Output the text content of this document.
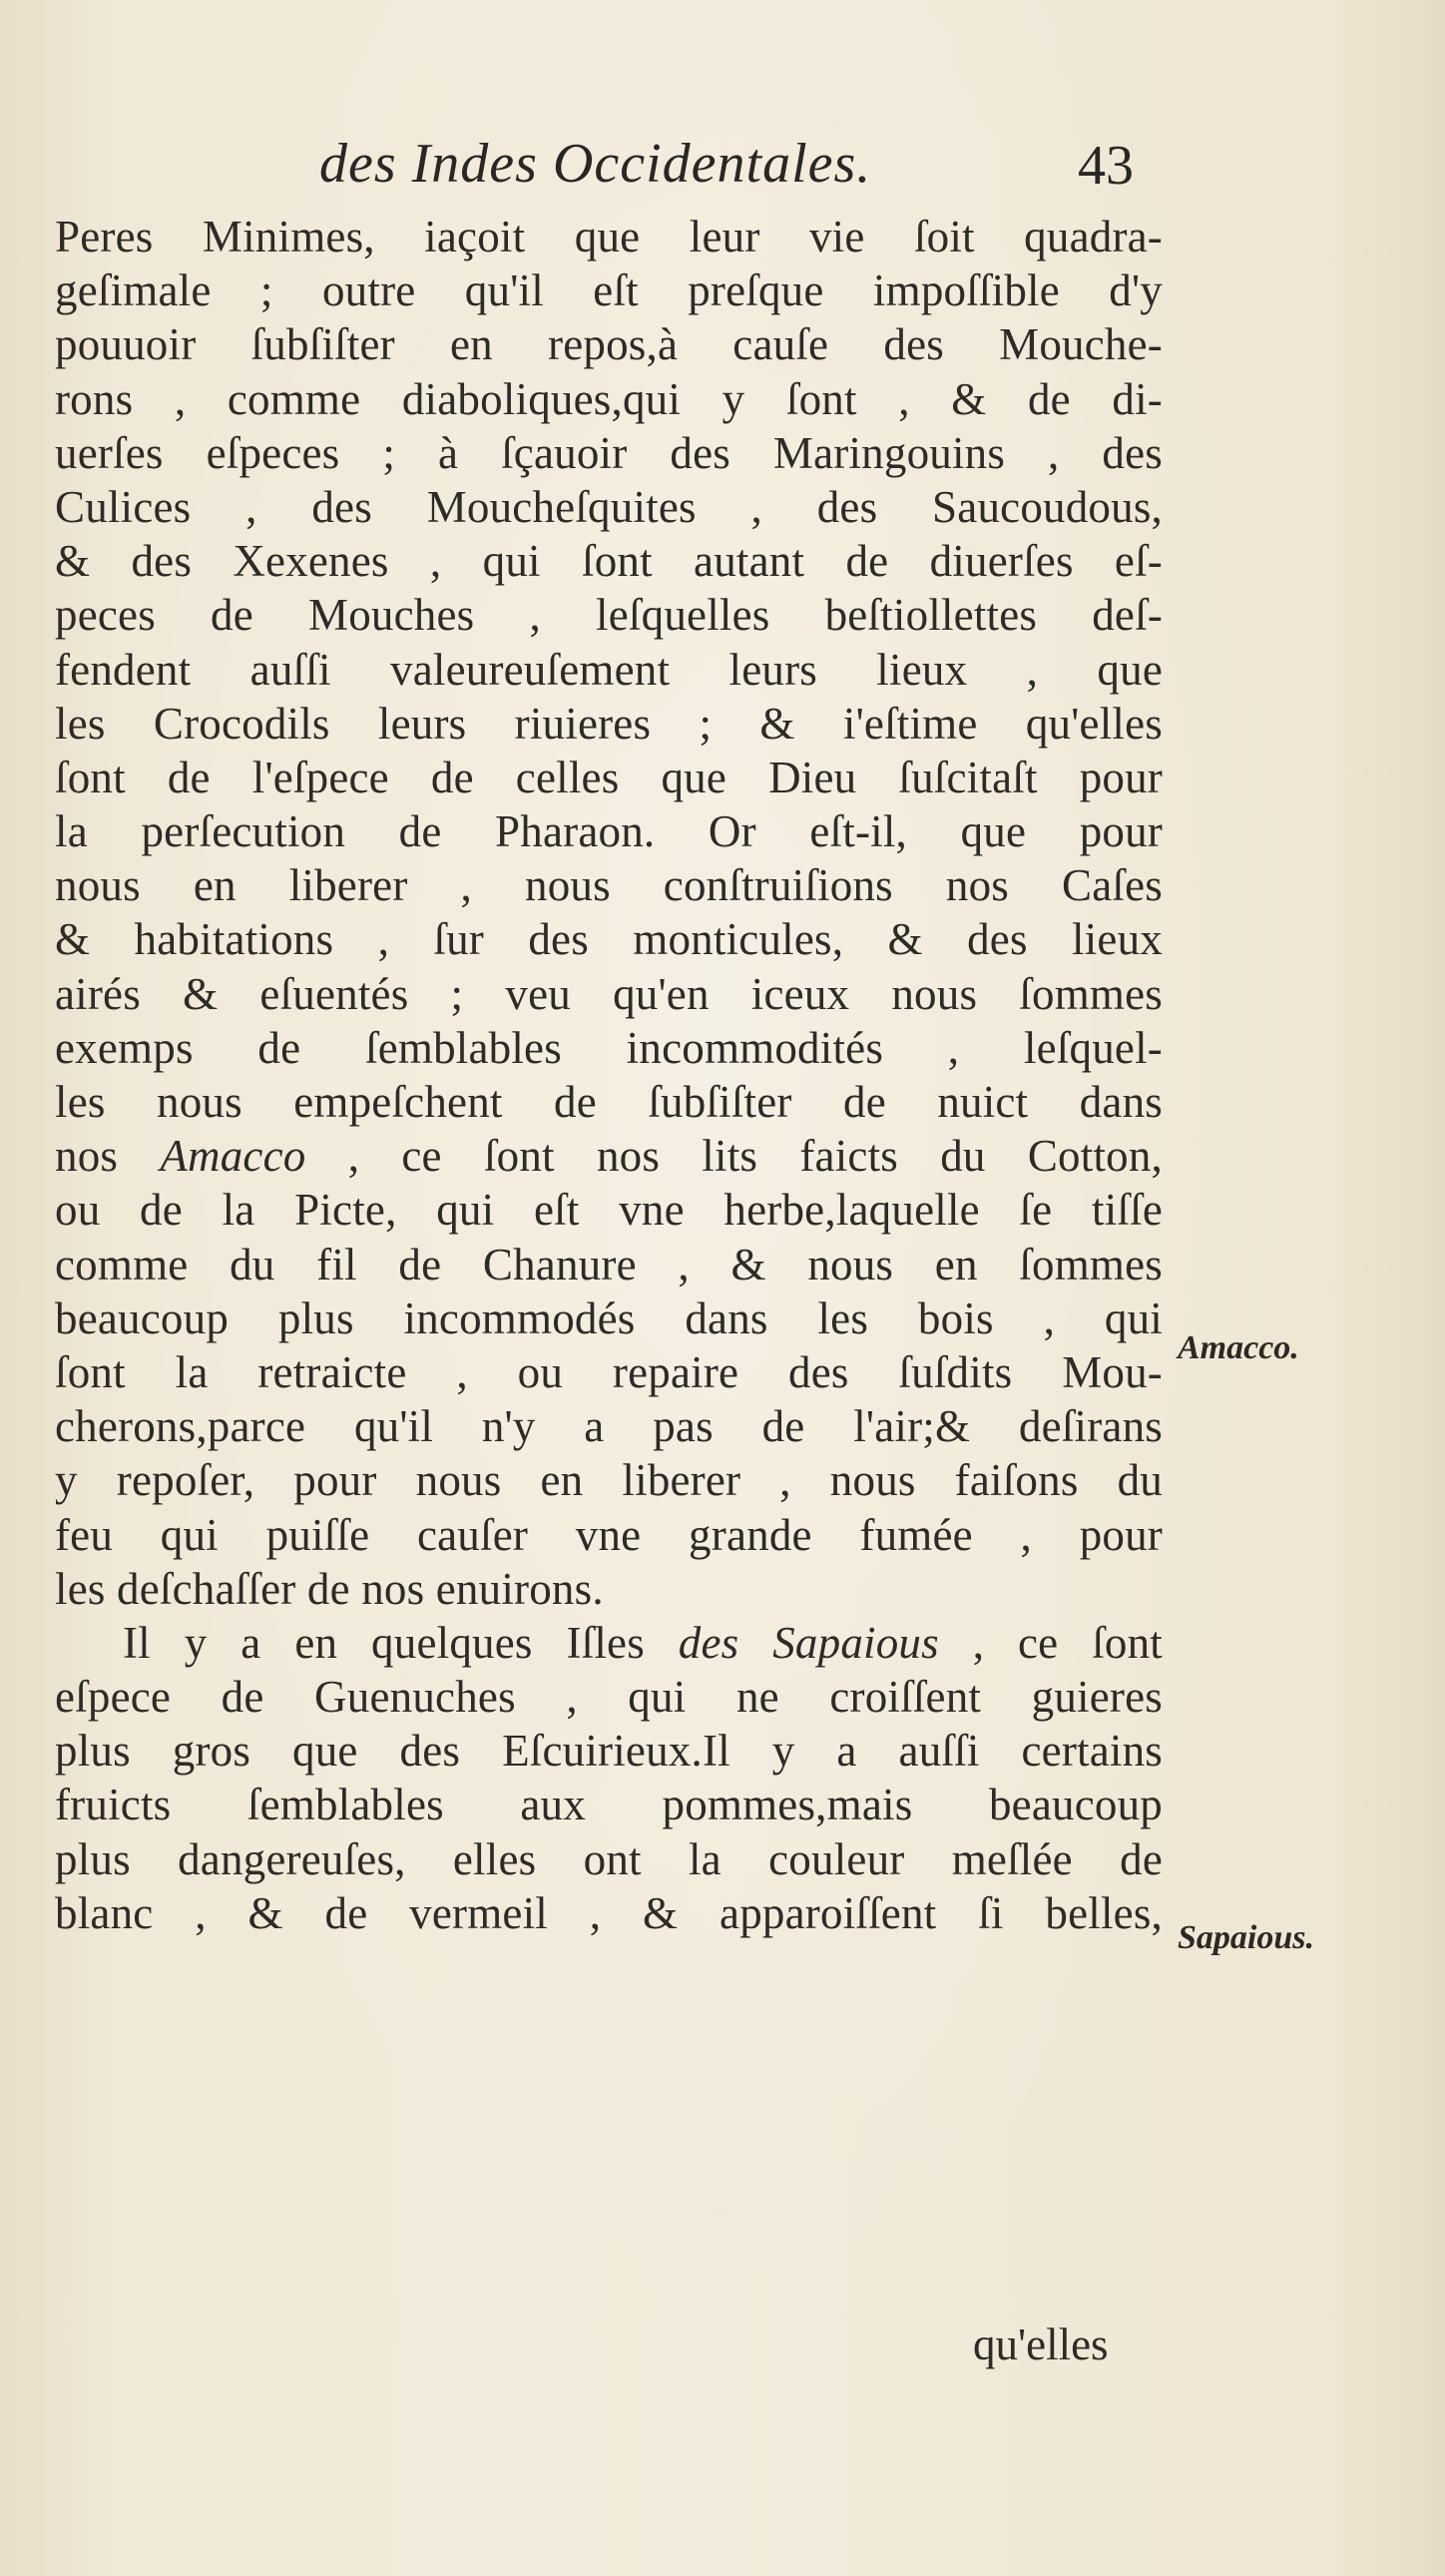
des Indes Occidentales.	43
Peres Minimes, iaçoit que leur vie ſoit quadra-
geſimale ; outre qu'il eſt preſque impoſſible d'y
pouuoir ſubſiſter en repos,à cauſe des Mouche-
rons , comme diaboliques,qui y ſont , & de di-
uerſes eſpeces ; à ſçauoir des Maringouins , des
Culices , des Moucheſquites , des Saucoudous,
& des Xexenes , qui ſont autant de diuerſes eſ-
peces de Mouches , leſquelles beſtiollettes deſ-
fendent auſſi valeureuſement leurs lieux , que
les Crocodils leurs riuieres ; & i'eſtime qu'elles
ſont de l'eſpece de celles que Dieu ſuſcitaſt pour
la perſecution de Pharaon. Or eſt-il, que pour
nous en liberer , nous conſtruiſions nos Caſes
& habitations , ſur des monticules, & des lieux
airés & eſuentés ; veu qu'en iceux nous ſommes
exemps de ſemblables incommodités , leſquel-
les nous empeſchent de ſubſiſter de nuict dans
nos Amacco , ce ſont nos lits faicts du Cotton,
ou de la Picte, qui eſt vne herbe,laquelle ſe tiſſe
comme du fil de Chanure , & nous en ſommes
beaucoup plus incommodés dans les bois , qui
ſont la retraicte , ou repaire des ſuſdits Mou-
cherons,parce qu'il n'y a pas de l'air;& deſirans
y repoſer, pour nous en liberer , nous faiſons du
feu qui puiſſe cauſer vne grande fumée , pour
les deſchaſſer de nos enuirons.
Il y a en quelques Iſles des Sapaious , ce ſont
eſpece de Guenuches , qui ne croiſſent guieres
plus gros que des Eſcuirieux.Il y a auſſi certains
fruicts ſemblables aux pommes,mais beaucoup
plus dangereuſes, elles ont la couleur meſlée de
blanc , & de vermeil , & apparoiſſent ſi belles,
qu'elles
Amacco.
Sapaious.
